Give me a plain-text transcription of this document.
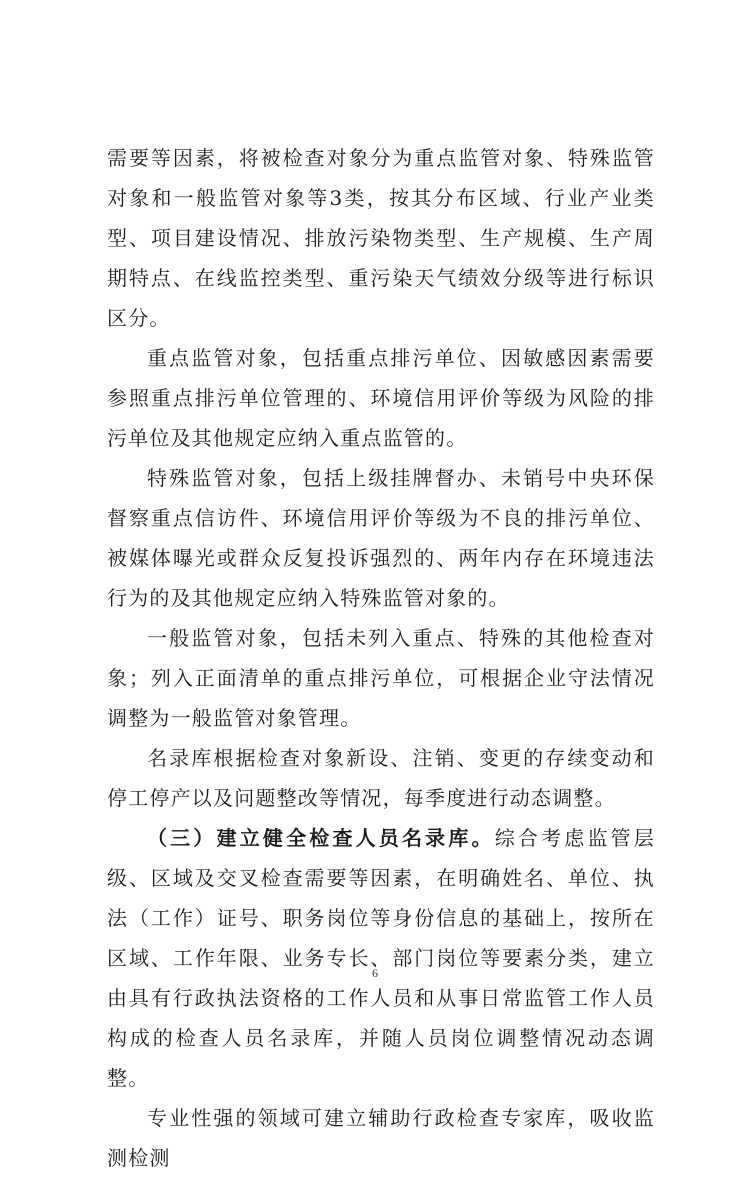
需要等因素，将被检查对象分为重点监管对象、特殊监管对象和一般监管对象等3类，按其分布区域、行业产业类型、项目建设情况、排放污染物类型、生产规模、生产周期特点、在线监控类型、重污染天气绩效分级等进行标识区分。

重点监管对象，包括重点排污单位、因敏感因素需要参照重点排污单位管理的、环境信用评价等级为风险的排污单位及其他规定应纳入重点监管的。

特殊监管对象，包括上级挂牌督办、未销号中央环保督察重点信访件、环境信用评价等级为不良的排污单位、被媒体曝光或群众反复投诉强烈的、两年内存在环境违法行为的及其他规定应纳入特殊监管对象的。

一般监管对象，包括未列入重点、特殊的其他检查对象；列入正面清单的重点排污单位，可根据企业守法情况调整为一般监管对象管理。

名录库根据检查对象新设、注销、变更的存续变动和停工停产以及问题整改等情况，每季度进行动态调整。

（三）建立健全检查人员名录库。综合考虑监管层级、区域及交叉检查需要等因素，在明确姓名、单位、执法（工作）证号、职务岗位等身份信息的基础上，按所在区域、工作年限、业务专长、部门岗位等要素分类，建立由具有行政执法资格的工作人员和从事日常监管工作人员构成的检查人员名录库，并随人员岗位调整情况动态调整。

专业性强的领域可建立辅助行政检查专家库，吸收监测检测

6
